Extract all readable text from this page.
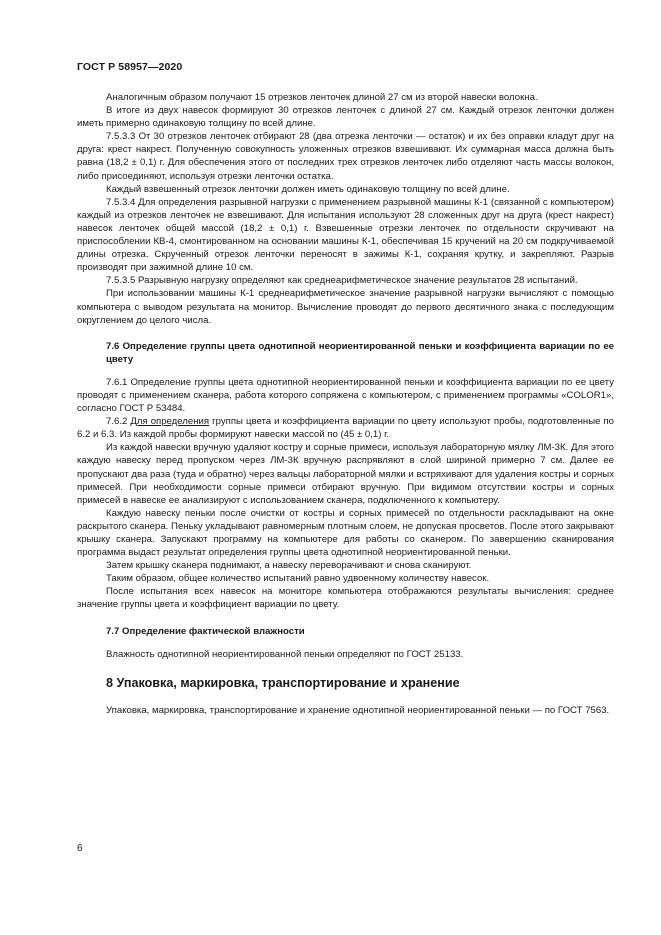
ГОСТ Р 58957—2020

Аналогичным образом получают 15 отрезков ленточек длиной 27 см из второй навески волокна.

В итоге из двух навесок формируют 30 отрезков ленточек с длиной 27 см. Каждый отрезок ленточки должен иметь примерно одинаковую толщину по всей длине.

7.5.3.3 От 30 отрезков ленточек отбирают 28 (два отрезка ленточки — остаток) и их без оправки кладут друг на друга: крест накрест. Полученную совокупность уложенных отрезков взвешивают. Их суммарная масса должна быть равна (18,2 ± 0,1) г. Для обеспечения этого от последних трех отрезков ленточек либо отделяют часть массы волокон, либо присоединяют, используя отрезки ленточки остатка.

Каждый взвешенный отрезок ленточки должен иметь одинаковую толщину по всей длине.

7.5.3.4 Для определения разрывной нагрузки с применением разрывной машины К-1 (связанной с компьютером) каждый из отрезков ленточек не взвешивают. Для испытания используют 28 сложенных друг на друга (крест накрест) навесок ленточек общей массой (18,2 ± 0,1) г. Взвешенные отрезки ленточек по отдельности скручивают на приспособлении КВ-4, смонтированном на основании машины К-1, обеспечивая 15 кручений на 20 см подкручиваемой длины отрезка. Скрученный отрезок ленточки переносят в зажимы К-1, сохраняя крутку, и закрепляют. Разрыв производят при зажимной длине 10 см.

7.5.3.5 Разрывную нагрузку определяют как среднеарифметическое значение результатов 28 испытаний.

При использовании машины К-1 среднеарифметическое значение разрывной нагрузки вычисляют с помощью компьютера с выводом результата на монитор. Вычисление проводят до первого десятичного знака с последующим округлением до целого числа.

7.6 Определение группы цвета однотипной неориентированной пеньки и коэффициента вариации по ее цвету

7.6.1 Определение группы цвета однотипной неориентированной пеньки и коэффициента вариации по ее цвету проводят с применением сканера, работа которого сопряжена с компьютером, с применением программы «COLOR1», согласно ГОСТ Р 53484.

7.6.2 Для определения группы цвета и коэффициента вариации по цвету используют пробы, подготовленные по 6.2 и 6.3. Из каждой пробы формируют навески массой по (45 ± 0,1) г.

Из каждой навески вручную удаляют костру и сорные примеси, используя лабораторную мялку ЛМ-3К. Для этого каждую навеску перед пропуском через ЛМ-3К вручную распрявляют в слой шириной примерно 7 см. Далее ее пропускают два раза (туда и обратно) через вальцы лабораторной мялки и встряхивают для удаления костры и сорных примесей. При необходимости сорные примеси отбирают вручную. При видимом отсутствии костры и сорных примесей в навеске ее анализируют с использованием сканера, подключенного к компьютеру.

Каждую навеску пеньки после очистки от костры и сорных примесей по отдельности раскладывают на окне раскрытого сканера. Пеньку укладывают равномерным плотным слоем, не допуская просветов. После этого закрывают крышку сканера. Запускают программу на компьютере для работы со сканером. По завершению сканирования программа выдаст результат определения группы цвета однотипной неориентированной пеньки.

Затем крышку сканера поднимают, а навеску переворачивают и снова сканируют.

Таким образом, общее количество испытаний равно удвоенному количеству навесок.

После испытания всех навесок на мониторе компьютера отображаются результаты вычисления: среднее значение группы цвета и коэффициент вариации по цвету.

7.7 Определение фактической влажности

Влажность однотипной неориентированной пеньки определяют по ГОСТ 25133.

8 Упаковка, маркировка, транспортирование и хранение

Упаковка, маркировка, транспортирование и хранение однотипной неориентированной пеньки — по ГОСТ 7563.

6
